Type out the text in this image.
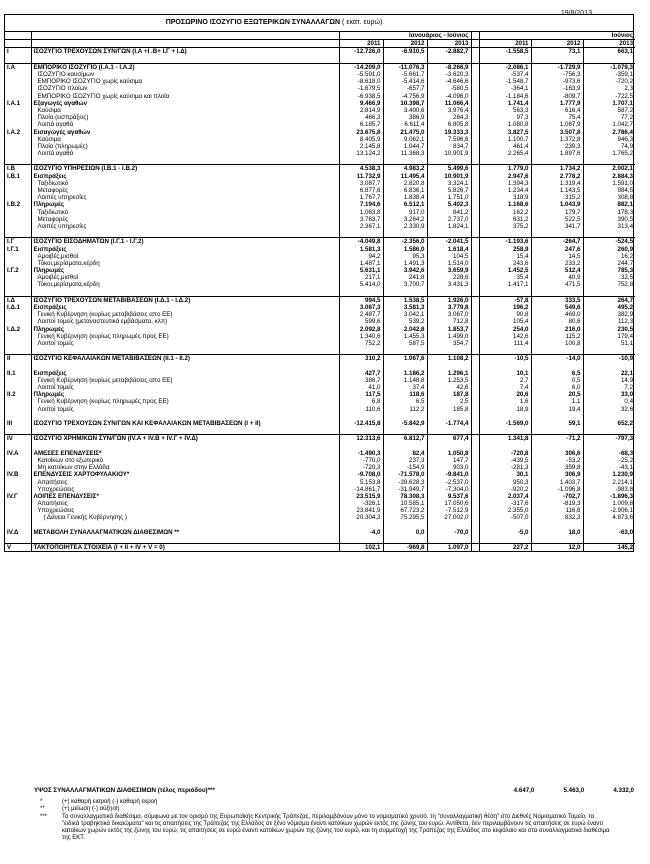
19/8/2013
ΠΡΟΣΩΡΙΝΟ ΙΣΟΖΥΓΙΟ ΕΞΩΤΕΡΙΚΩΝ ΣΥΝΑΛΛΑΓΩΝ ( εκατ. ευρώ)
		Ιανουάριος - Ιούνιος				Ιούνιος		
		2011	2012	2013		2011	2012	2013
I	ΙΣΟΖΥΓΙΟ ΤΡΕΧΟΥΣΩΝ ΣΥΝ/ΓΩΝ (Ι.Α +Ι .Β+ Ι.Γ + Ι.Δ)	-12.726,0	-6.910,5	-2.882,7		-1.558,5	73,1	663,1

I.A	ΕΜΠΟΡΙΚΟ ΙΣΟΖΥΓΙΟ (Ι.Α.1 - Ι.Α.2)	-14.209,0	-11.076,3	-8.266,9		-2.086,1	-1.729,9	-1.079,3
	ΙΣΟΖΥΓΙΟ καυσίμων	-5.591,0	-5.661,7	-3.620,3		-537,4	-756,3	-359,1
	ΕΜΠΟΡΙΚΟ ΙΣΟΖΥΓΙΟ χωρίς καύσιμα	-8.618,0	-5.414,6	-4.646,6		-1.548,7	-973,6	-720,2
	ΙΣΟΖΥΓΙΟ πλοίων	-1.679,5	-657,7	-580,5		-364,1	-163,9	2,3
	ΕΜΠΟΡΙΚΟ ΙΣΟΖΥΓΙΟ χωρίς καύσιμα και πλοία	-6.938,5	-4.756,9	-4.096,0		-1.184,6	-809,7	-722,5
I.A.1	Εξαγωγές αγαθών	9.466,9	10.398,7	11.066,4		1.741,4	1.777,9	1.707,1
	Καύσιμα	2.814,9	3.400,6	3.976,4		563,3	616,4	587,2
	Πλοία (εισπράξεις)	466,3	386,9	284,3		97,3	75,4	77,2
	Λοιπά αγαθά	6.185,7	6.611,4	6.805,8		1.080,8	1.087,9	1.042,7
I.A.2	Εισαγωγές αγαθών	23.675,8	21.475,0	19.333,3		3.827,5	3.507,8	2.786,4
	Καύσιμα	8.405,9	9.062,1	7.596,6		1.100,7	1.372,8	946,3
	Πλοία (πληρωμές)	2.145,8	1.044,7	834,7		461,4	239,3	74,9
	Λοιπά αγαθά	13.124,2	11.368,3	10.901,9		2.265,4	1.897,6	1.765,2

I.B	ΙΣΟΖΥΓΙΟ ΥΠΗΡΕΣΙΩΝ (Ι.Β.1 - Ι.Β.2)	4.538,3	4.983,2	5.499,6		1.779,0	1.734,2	2.002,1
I.B.1	Εισπράξεις	11.732,9	11.495,4	10.901,9		2.947,6	2.778,2	2.884,3
	Ταξιδιωτικό	3.087,7	2.820,8	3.324,1		1.394,3	1.319,4	1.591,0
	Μεταφορές	6.877,6	6.836,1	5.826,7		1.234,4	1.143,5	984,5
	Λοιπές υπηρεσίες	1.767,7	1.838,4	1.751,0		318,9	315,2	308,8
I.B.2	Πληρωμές	7.194,6	6.512,1	5.402,3		1.168,6	1.043,9	882,1
	Ταξιδιωτικό	1.063,8	917,0	841,2		162,2	179,7	178,3
	Μεταφορές	3.763,7	3.264,2	2.737,0		631,2	522,5	390,5
	Λοιπές υπηρεσίες	2.367,1	2.330,9	1.824,1		375,2	341,7	313,4

I.Γ	ΙΣΟΖΥΓΙΟ ΕΙΣΟΔΗΜΑΤΩΝ (Ι.Γ.1 - Ι.Γ.2)	-4.049,8	-2.356,0	-2.041,5		-1.193,6	-264,7	-524,5
I.Γ.1	Εισπράξεις	1.581,3	1.586,0	1.618,4		258,9	247,6	260,9
	Αμοιβές,μισθοί	94,2	95,3	104,5		15,4	14,5	16,2
	Τόκοι,μερίσματα,κέρδη	1.487,1	1.491,3	1.514,0		243,6	233,2	244,7
I.Γ.2	Πληρωμές	5.631,1	3.942,6	3.659,9		1.452,5	512,4	785,3
	Αμοιβές,μισθοί	217,1	241,8	228,6		35,4	40,9	32,5
	Τόκοι,μερίσματα,κέρδη	5.414,0	3.700,7	3.431,3		1.417,1	471,5	752,8

I.Δ	ΙΣΟΖΥΓΙΟ ΤΡΕΧΟΥΣΩΝ ΜΕΤΑΒΙΒΑΣΕΩΝ (Ι.Δ.1 - Ι.Δ.2)	994,5	1.538,5	1.926,0		-57,8	333,5	264,7
I.Δ.1	Εισπράξεις	3.087,3	3.581,3	3.779,8		196,2	549,6	495,2
	Γενική Κυβέρνηση (κυρίως μεταβιβάσεις απο ΕΕ)	2.487,7	3.042,1	3.067,0		90,8	469,0	382,9
	Λοιποί τομείς (μεταναστευτικά εμβάσματα, κλπ)	599,6	539,2	712,8		105,4	80,6	112,3
I.Δ.2	Πληρωμές	2.092,8	2.042,8	1.853,7		254,0	216,0	230,5
	Γενική Κυβέρνηση (κυρίως πληρωμές προς ΕΕ)	1.340,6	1.455,3	1.499,0		142,6	115,2	179,4
	Λοιποί τομείς	752,2	587,5	354,7		111,4	100,8	51,1

II	ΙΣΟΖΥΓΙΟ ΚΕΦΑΛΑΙΑΚΩΝ ΜΕΤΑΒΙΒΑΣΕΩΝ (ΙΙ.1 - ΙΙ.2)	310,2	1.067,6	1.108,2		-10,5	-14,0	-10,9

II.1	Εισπράξεις	427,7	1.186,2	1.296,1		10,1	6,5	22,1
	Γενική Κυβέρνηση (κυρίως μεταβιβάσεις απο ΕΕ)	386,7	1.148,8	1.253,5		2,7	0,5	14,9
	Λοιποί τομείς	41,0	37,4	42,6		7,4	6,0	7,2
II.2	Πληρωμές	117,5	118,6	187,8		20,6	20,5	33,0
	Γενική Κυβέρνηση (κυρίως πληρωμές προς ΕΕ)	6,8	6,5	2,5		1,6	1,1	0,4
	Λοιποί τομείς	110,6	112,2	185,8		18,9	19,4	32,6

III	ΙΣΟΖΥΓΙΟ ΤΡΕΧΟΥΣΩΝ ΣΥΝ/ΓΩΝ ΚΑΙ ΚΕΦΑΛΑΙΑΚΩΝ ΜΕΤΑΒΙΒΑΣΕΩΝ (Ι + ΙΙ)	-12.415,8	-5.842,9	-1.774,4		-1.569,0	59,1	652,2

IV	ΙΣΟΖΥΓΙΟ ΧΡΗΜ/ΚΩΝ ΣΥΝ/ΓΩΝ (IV.A + IV.B + IV.Γ + IV.Δ)	12.313,6	6.812,7	677,4		1.341,8	-71,2	-797,3

IV.A	ΑΜΕΣΕΣ ΕΠΕΝΔΥΣΕΙΣ*	-1.490,3	82,4	1.050,8		-720,8	306,6	-68,3
	Κατοίκων στο εξωτερικό	-770,0	237,3	147,7		-439,5	-53,2	-25,2
	Μη κατοίκων στην Ελλάδα	-720,3	-154,9	903,0		-281,3	359,8	-43,1
IV.B	ΕΠΕΝΔΥΣΕΙΣ ΧΑΡΤΟΦΥΛΑΚΙΟΥ*	-9.708,0	-71.578,0	-9.841,0		30,1	306,9	1.230,9
	Απαιτήσεις	5.153,8	-39.628,3	-2.537,0		950,3	1.403,7	2.214,1
	Υποχρεώσεις	-14.861,7	-31.949,7	-7.304,0		-920,2	-1.096,8	-983,8
IV.Γ	ΛΟΙΠΕΣ ΕΠΕΝΔΥΣΕΙΣ*	23.515,9	78.308,3	9.537,6		2.037,4	-702,7	-1.896,3
	Απαιτήσεις	-326,1	10.585,1	17.050,6		-317,6	-819,3	1.009,8
	Υποχρεώσεις	23.841,9	67.723,2	-7.512,9		2.355,0	116,6	-2.906,1
	( Δάνεια Γενικής Κυβέρνησης )	20.304,3	75.295,5	27.002,0		-507,0	832,3	4.873,6

IV.Δ	ΜΕΤΑΒΟΛΗ ΣΥΝΑΛΛΑΓΜΑΤΙΚΩΝ ΔΙΑΘΕΣΙΜΩΝ **	-4,0	0,0	-70,0		-5,0	18,0	-63,0

V	ΤΑΚΤΟΠΟΙΗΤΕΑ ΣΤΟΙΧΕΙΑ (I + II + IV + V = 0)	102,1	-969,8	1.097,0		227,2	12,0	145,2
ΥΨΟΣ ΣΥΝΑΛΛΑΓΜΑΤΙΚΩΝ ΔΙΑΘΕΣΙΜΩΝ (τέλος περιόδου)***	4.647,0	5.463,0	4.332,0
*	(+) καθαρή εισροή (-) καθαρή εκροή
**	(+) μείωση (-) αύξηση
***	Τα συναλλαγματικά διαθέσιμα, σύμφωνα με τον ορισμό της Ευρωπαϊκής Κεντρικής Τράπεζας, περιλαμβάνουν μόνο το νομισματικό χρυσό, τη "συναλλαγματική θέση" στο Διεθνές Νομισματικό Ταμείο, τα "ειδικά τραβηκτικά δικαιώματα" και τις απαιτήσεις της Τράπεζας της Ελλάδος σε ξένο νόμισμα έναντι κατοίκων χωρών εκτός της ζώνης του ευρώ. Αντίθετα, δεν περιλαμβάνουν τις απαιτήσεις σε ευρώ έναντι κατοίκων χωρών εκτός της ζώνης του ευρώ, τις απαιτήσεις σε ευρώ έναντι κατοίκων χωρών της ζώνης του ευρώ, και τη συμμετοχή της Τράπεζας της Ελλάδος στο κεφάλαιο και στα συναλλαγματικά διαθέσιμα της ΕΚΤ.
